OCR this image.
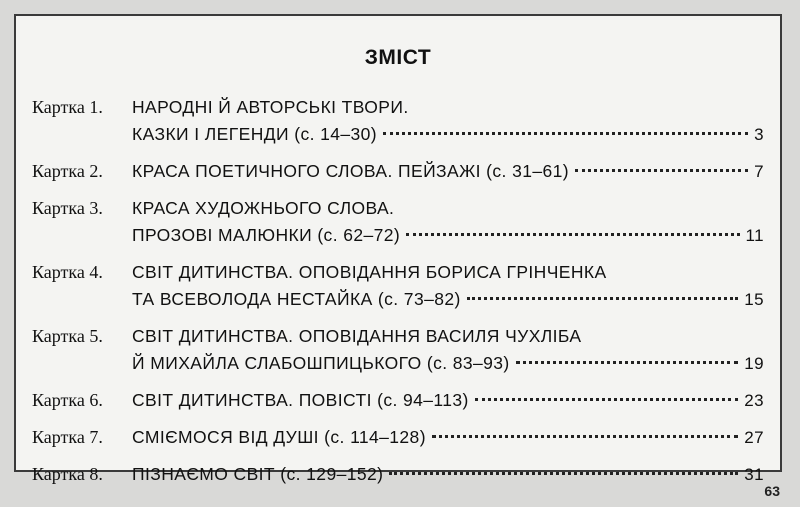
ЗМІСТ
Картка 1.	НАРОДНІ Й АВТОРСЬКІ ТВОРИ.
КАЗКИ І ЛЕГЕНДИ (с. 14–30)	3
Картка 2.	КРАСА ПОЕТИЧНОГО СЛОВА. ПЕЙЗАЖІ (с. 31–61)	7
Картка 3.	КРАСА ХУДОЖНЬОГО СЛОВА.
ПРОЗОВІ МАЛЮНКИ (с. 62–72)	11
Картка 4.	СВІТ ДИТИНСТВА. ОПОВІДАННЯ БОРИСА ГРІНЧЕНКА
ТА ВСЕВОЛОДА НЕСТАЙКА (с. 73–82)	15
Картка 5.	СВІТ ДИТИНСТВА. ОПОВІДАННЯ ВАСИЛЯ ЧУХЛІБА
Й МИХАЙЛА СЛАБОШПИЦЬКОГО (с. 83–93)	19
Картка 6.	СВІТ ДИТИНСТВА. ПОВІСТІ (с. 94–113)	23
Картка 7.	СМІЄМОСЯ ВІД ДУШІ (с. 114–128)	27
Картка 8.	ПІЗНАЄМО СВІТ (с. 129–152)	31
63
